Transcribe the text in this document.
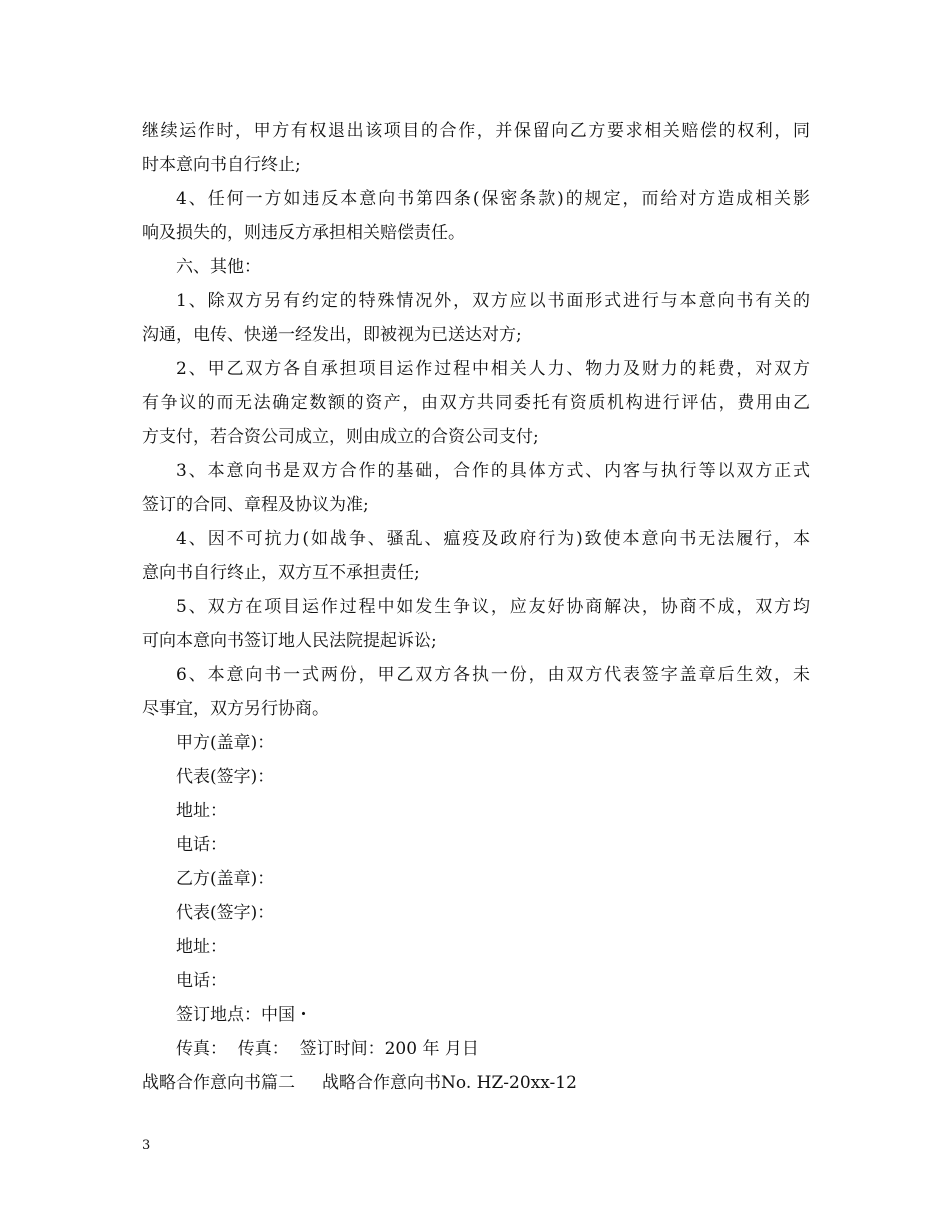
继续运作时，甲方有权退出该项目的合作，并保留向乙方要求相关赔偿的权利，同
时本意向书自行终止;
4、任何一方如违反本意向书第四条(保密条款)的规定，而给对方造成相关影
响及损失的，则违反方承担相关赔偿责任。
六、其他：
1、除双方另有约定的特殊情况外，双方应以书面形式进行与本意向书有关的
沟通，电传、快递一经发出，即被视为已送达对方;
2、甲乙双方各自承担项目运作过程中相关人力、物力及财力的耗费，对双方
有争议的而无法确定数额的资产，由双方共同委托有资质机构进行评估，费用由乙
方支付，若合资公司成立，则由成立的合资公司支付;
3、本意向书是双方合作的基础，合作的具体方式、内客与执行等以双方正式
签订的合同、章程及协议为准;
4、因不可抗力(如战争、骚乱、瘟疫及政府行为)致使本意向书无法履行，本
意向书自行终止，双方互不承担责任;
5、双方在项目运作过程中如发生争议，应友好协商解决，协商不成，双方均
可向本意向书签订地人民法院提起诉讼;
6、本意向书一式两份，甲乙双方各执一份，由双方代表签字盖章后生效，未
尽事宜，双方另行协商。
甲方(盖章)：
代表(签字)：
地址：
电话：
乙方(盖章)：
代表(签字)：
地址：
电话：
签订地点：中国・
传真：  传真：  签订时间：200 年 月日
战略合作意向书篇二     战略合作意向书No. HZ-20xx-12
3
